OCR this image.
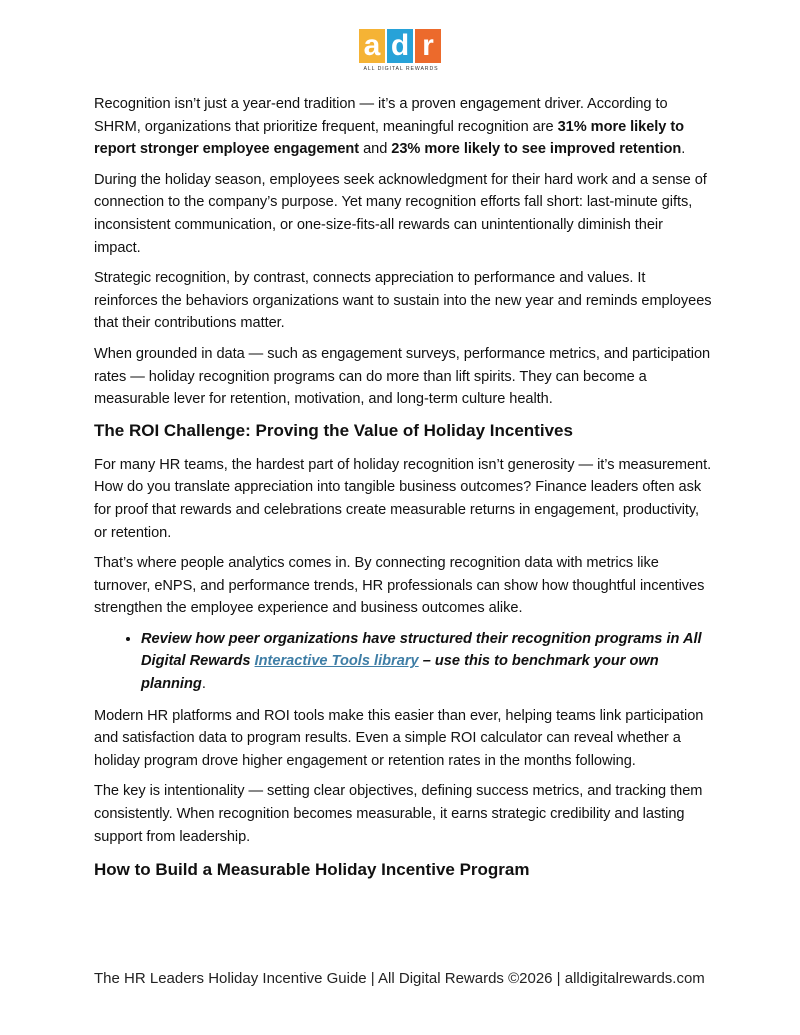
a d r
ALL DIGITAL REWARDS

Recognition isn’t just a year-end tradition — it’s a proven engagement driver. According to SHRM, organizations that prioritize frequent, meaningful recognition are 31% more likely to report stronger employee engagement and 23% more likely to see improved retention.

During the holiday season, employees seek acknowledgment for their hard work and a sense of connection to the company’s purpose. Yet many recognition efforts fall short: last-minute gifts, inconsistent communication, or one-size-fits-all rewards can unintentionally diminish their impact.

Strategic recognition, by contrast, connects appreciation to performance and values. It reinforces the behaviors organizations want to sustain into the new year and reminds employees that their contributions matter.

When grounded in data — such as engagement surveys, performance metrics, and participation rates — holiday recognition programs can do more than lift spirits. They can become a measurable lever for retention, motivation, and long-term culture health.

The ROI Challenge: Proving the Value of Holiday Incentives

For many HR teams, the hardest part of holiday recognition isn’t generosity — it’s measurement. How do you translate appreciation into tangible business outcomes? Finance leaders often ask for proof that rewards and celebrations create measurable returns in engagement, productivity, or retention.

That’s where people analytics comes in. By connecting recognition data with metrics like turnover, eNPS, and performance trends, HR professionals can show how thoughtful incentives strengthen the employee experience and business outcomes alike.

• Review how peer organizations have structured their recognition programs in All Digital Rewards Interactive Tools library – use this to benchmark your own planning.

Modern HR platforms and ROI tools make this easier than ever, helping teams link participation and satisfaction data to program results. Even a simple ROI calculator can reveal whether a holiday program drove higher engagement or retention rates in the months following.

The key is intentionality — setting clear objectives, defining success metrics, and tracking them consistently. When recognition becomes measurable, it earns strategic credibility and lasting support from leadership.

How to Build a Measurable Holiday Incentive Program
The HR Leaders Holiday Incentive Guide | All Digital Rewards ©2026 | alldigitalrewards.com
